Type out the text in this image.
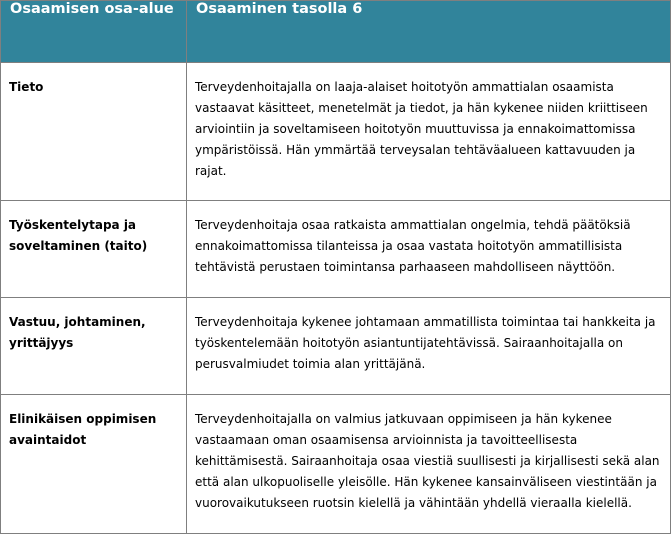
Osaamisen osa-alue	Osaaminen tasolla 6
Tieto	Terveydenhoitajalla on laaja-alaiset hoitotyön ammattialan osaamista vastaavat käsitteet, menetelmät ja tiedot, ja hän kykenee niiden kriittiseen arviointiin ja soveltamiseen hoitotyön muuttuvissa ja ennakoimattomissa ympäristöissä. Hän ymmärtää terveysalan tehtäväalueen kattavuuden ja rajat.
Työskentelytapa ja soveltaminen (taito)	Terveydenhoitaja osaa ratkaista ammattialan ongelmia, tehdä päätöksiä ennakoimattomissa tilanteissa ja osaa vastata hoitotyön ammatillisista tehtävistä perustaen toimintansa parhaaseen mahdolliseen näyttöön.
Vastuu, johtaminen, yrittäjyys	Terveydenhoitaja kykenee johtamaan ammatillista toimintaa tai hankkeita ja työskentelemään hoitotyön asiantuntijatehtävissä. Sairaanhoitajalla on perusvalmiudet toimia alan yrittäjänä.
Elinikäisen oppimisen avaintaidot	Terveydenhoitajalla on valmius jatkuvaan oppimiseen ja hän kykenee vastaamaan oman osaamisensa arvioinnista ja tavoitteellisesta kehittämisestä. Sairaanhoitaja osaa viestiä suullisesti ja kirjallisesti sekä alan että alan ulkopuoliselle yleisölle. Hän kykenee kansainväliseen viestintään ja vuorovaikutukseen ruotsin kielellä ja vähintään yhdellä vieraalla kielellä.
